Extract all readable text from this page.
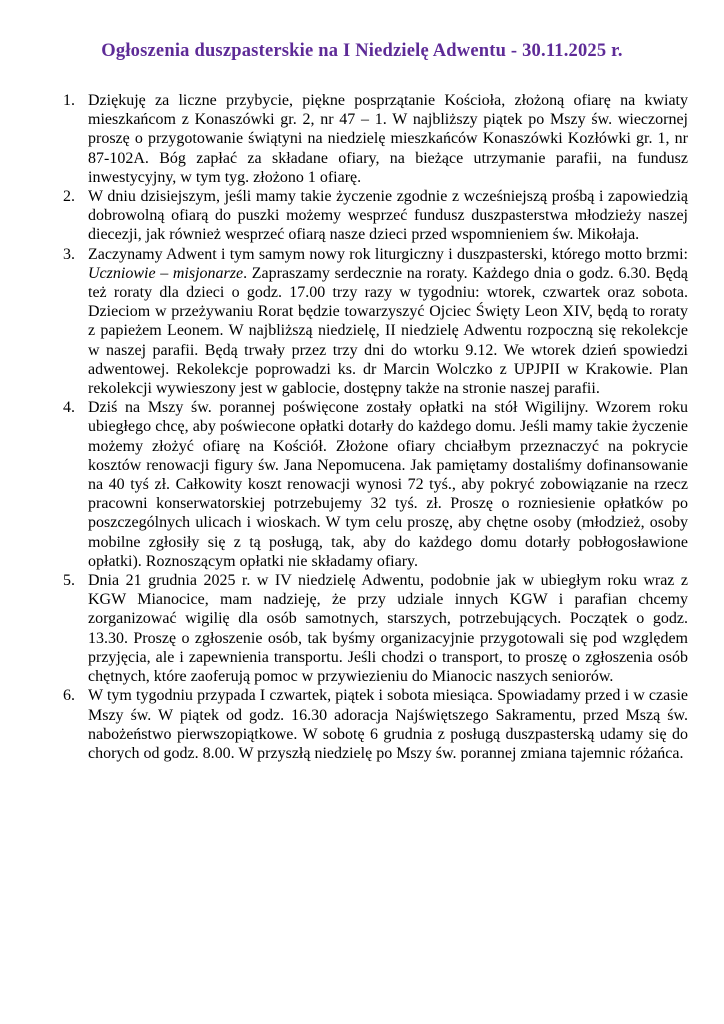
Ogłoszenia duszpasterskie na I Niedzielę Adwentu - 30.11.2025 r.
1. Dziękuję za liczne przybycie, piękne posprzątanie Kościoła, złożoną ofiarę na kwiaty mieszkańcom z Konaszówki gr. 2, nr 47 – 1. W najbliższy piątek po Mszy św. wieczornej proszę o przygotowanie świątyni na niedzielę mieszkańców Konaszówki Kozłówki gr. 1, nr 87-102A. Bóg zapłać za składane ofiary, na bieżące utrzymanie parafii, na fundusz inwestycyjny, w tym tyg. złożono 1 ofiarę.
2. W dniu dzisiejszym, jeśli mamy takie życzenie zgodnie z wcześniejszą prośbą i zapowiedzią dobrowolną ofiarą do puszki możemy wesprzeć fundusz duszpasterstwa młodzieży naszej diecezji, jak również wesprzeć ofiarą nasze dzieci przed wspomnieniem św. Mikołaja.
3. Zaczynamy Adwent i tym samym nowy rok liturgiczny i duszpasterski, którego motto brzmi: Uczniowie – misjonarze. Zapraszamy serdecznie na roraty. Każdego dnia o godz. 6.30. Będą też roraty dla dzieci o godz. 17.00 trzy razy w tygodniu: wtorek, czwartek oraz sobota. Dzieciom w przeżywaniu Rorat będzie towarzyszyć Ojciec Święty Leon XIV, będą to roraty z papieżem Leonem. W najbliższą niedzielę, II niedzielę Adwentu rozpoczną się rekolekcje w naszej parafii. Będą trwały przez trzy dni do wtorku 9.12. We wtorek dzień spowiedzi adwentowej. Rekolekcje poprowadzi ks. dr Marcin Wolczko z UPJPII w Krakowie. Plan rekolekcji wywieszony jest w gablocie, dostępny także na stronie naszej parafii.
4. Dziś na Mszy św. porannej poświęcone zostały opłatki na stół Wigilijny. Wzorem roku ubiegłego chcę, aby poświecone opłatki dotarły do każdego domu. Jeśli mamy takie życzenie możemy złożyć ofiarę na Kościół. Złożone ofiary chciałbym przeznaczyć na pokrycie kosztów renowacji figury św. Jana Nepomucena. Jak pamiętamy dostaliśmy dofinansowanie na 40 tyś zł. Całkowity koszt renowacji wynosi 72 tyś., aby pokryć zobowiązanie na rzecz pracowni konserwatorskiej potrzebujemy 32 tyś. zł. Proszę o rozniesienie opłatków po poszczególnych ulicach i wioskach. W tym celu proszę, aby chętne osoby (młodzież, osoby mobilne zgłosiły się z tą posługą, tak, aby do każdego domu dotarły pobłogosławione opłatki). Roznoszącym opłatki nie składamy ofiary.
5. Dnia 21 grudnia 2025 r. w IV niedzielę Adwentu, podobnie jak w ubiegłym roku wraz z KGW Mianocice, mam nadzieję, że przy udziale innych KGW i parafian chcemy zorganizować wigilię dla osób samotnych, starszych, potrzebujących. Początek o godz. 13.30. Proszę o zgłoszenie osób, tak byśmy organizacyjnie przygotowali się pod względem przyjęcia, ale i zapewnienia transportu. Jeśli chodzi o transport, to proszę o zgłoszenia osób chętnych, które zaoferują pomoc w przywiezieniu do Mianocic naszych seniorów.
6. W tym tygodniu przypada I czwartek, piątek i sobota miesiąca. Spowiadamy przed i w czasie Mszy św. W piątek od godz. 16.30 adoracja Najświętszego Sakramentu, przed Mszą św. nabożeństwo pierwszopiątkowe. W sobotę 6 grudnia z posługą duszpasterską udamy się do chorych od godz. 8.00. W przyszłą niedzielę po Mszy św. porannej zmiana tajemnic różańca.
